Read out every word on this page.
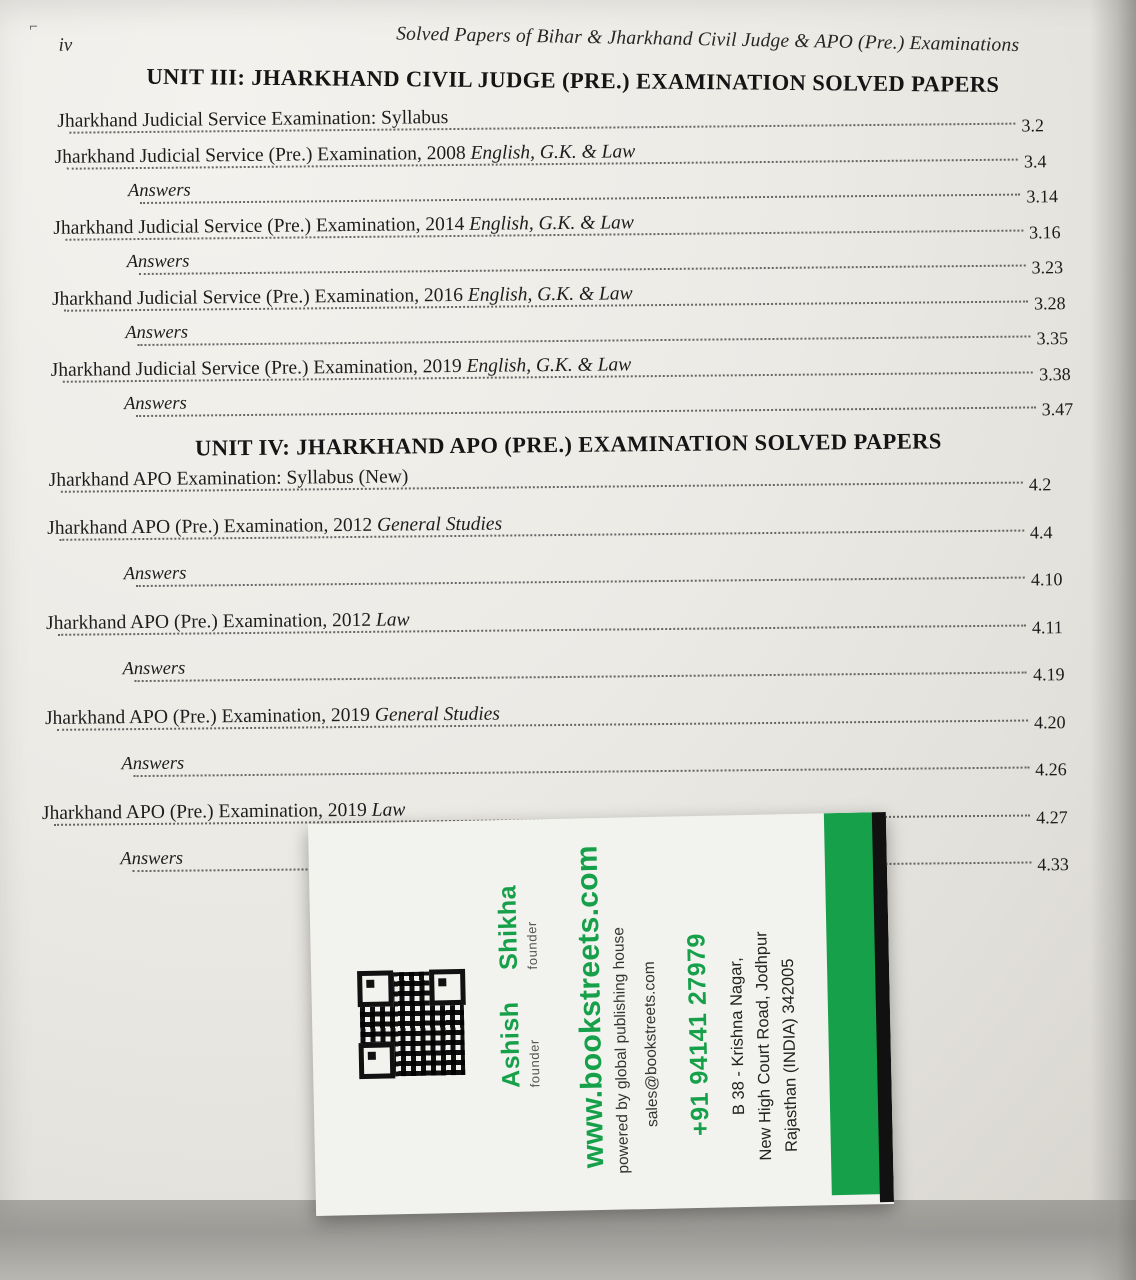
⌐
iv	Solved Papers of Bihar & Jharkhand Civil Judge & APO (Pre.) Examinations
UNIT III: JHARKHAND CIVIL JUDGE (PRE.) EXAMINATION SOLVED PAPERS
UNIT IV: JHARKHAND APO (PRE.) EXAMINATION SOLVED PAPERS
Jharkhand Judicial Service Examination: Syllabus	3.2
Jharkhand Judicial Service (Pre.) Examination, 2008 English, G.K. & Law	3.4
Answers	3.14
Jharkhand Judicial Service (Pre.) Examination, 2014 English, G.K. & Law	3.16
Answers	3.23
Jharkhand Judicial Service (Pre.) Examination, 2016 English, G.K. & Law	3.28
Answers	3.35
Jharkhand Judicial Service (Pre.) Examination, 2019 English, G.K. & Law	3.38
Answers	3.47
Jharkhand APO Examination: Syllabus (New)	4.2
Jharkhand APO (Pre.) Examination, 2012 General Studies	4.4
Answers	4.10
Jharkhand APO (Pre.) Examination, 2012 Law	4.11
Answers	4.19
Jharkhand APO (Pre.) Examination, 2019 General Studies	4.20
Answers	4.26
Jharkhand APO (Pre.) Examination, 2019 Law	4.27
Answers	4.33
Ashish founder
Shikha founder www.bookstreets.com powered by global publishing house sales@bookstreets.com +91 94141 27979 B 38 - Krishna Nagar, New High Court Road, Jodhpur Rajasthan (INDIA) 342005
